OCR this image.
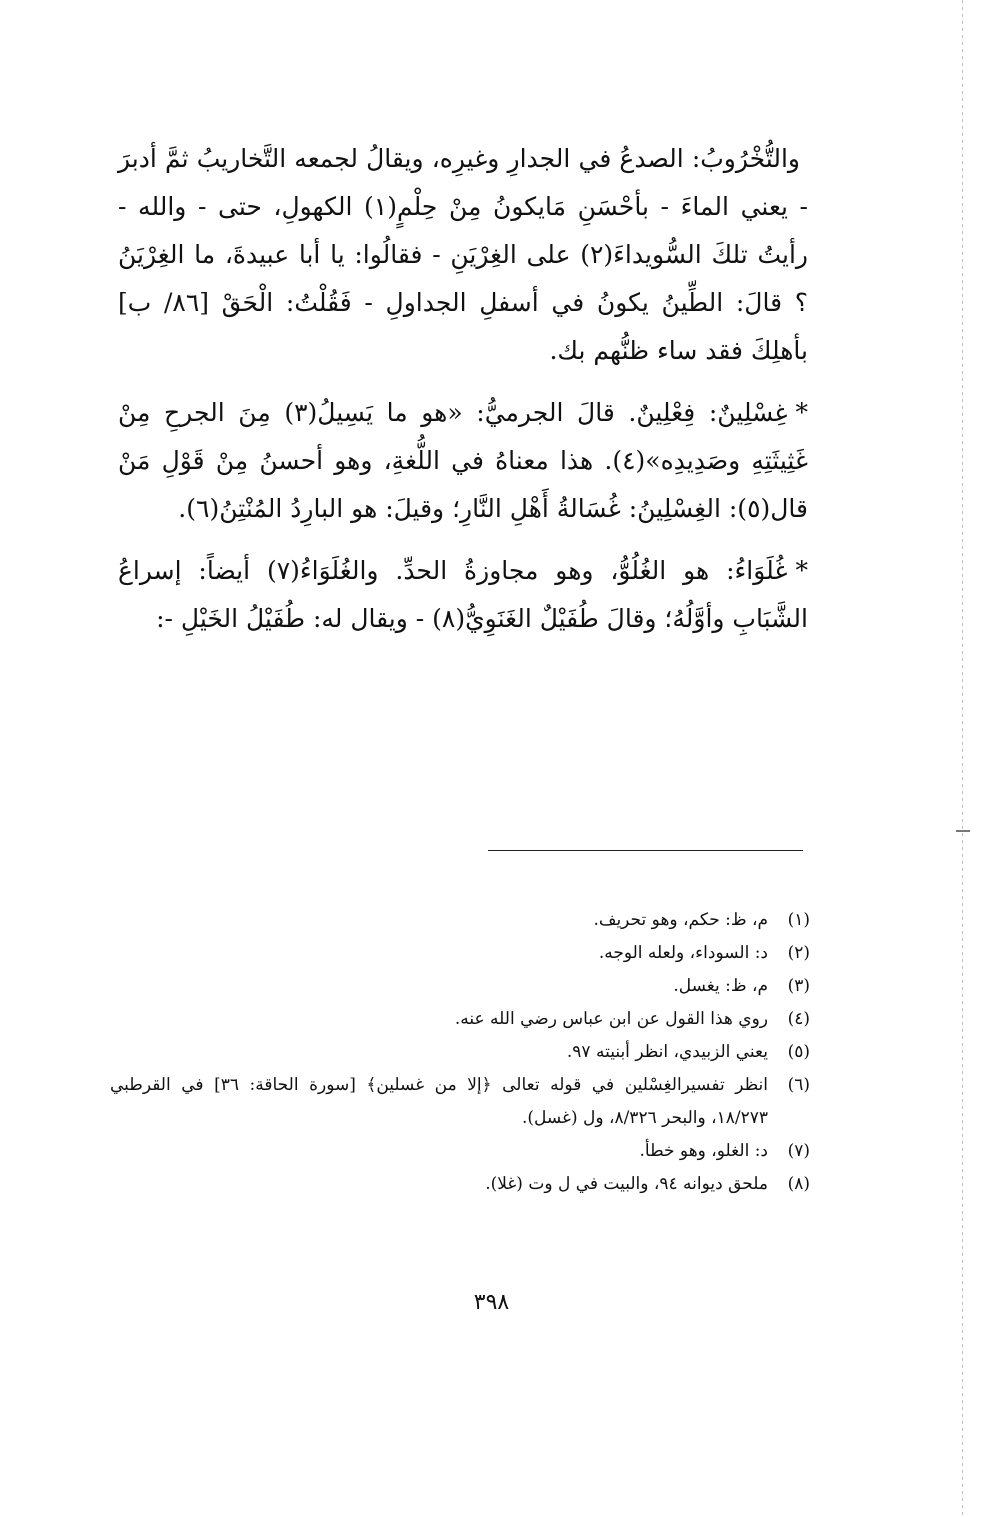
والتُّخْرُوبُ: الصدعُ في الجدارِ وغيرِه، ويقالُ لجمعه التَّخاريبُ ثمَّ أدبرَ - يعني الماءَ - بأحْسَنِ مَايكونُ مِنْ حِلْمٍ(١) الكهولِ، حتى - والله - رأيتُ تلكَ السُّويداءَ(٢) على الغِرْيَنِ - فقالُوا: يا أبا عبيدةَ، ما الغِرْيَنُ ؟ قالَ: الطِّينُ يكونُ في أسفلِ الجداولِ - فَقُلْتُ: الْحَقْ [٨٦/ ب] بأهلِكَ فقد ساء ظنُّهم بك.

*غِسْلِينٌ: فِعْلِينٌ. قالَ الجرميُّ: «هو ما يَسِيلُ(٣) مِنَ الجرحِ مِنْ غَثِيثَتِهِ وصَدِيدِه»(٤). هذا معناهُ في اللُّغةِ، وهو أحسنُ مِنْ قَوْلِ مَنْ قال(٥): الغِسْلِينُ: غُسَالةُ أَهْلِ النَّارِ؛ وقيلَ: هو البارِدُ المُنْتِنُ(٦).

*غُلَوَاءُ: هو الغُلُوُّ، وهو مجاوزةُ الحدِّ. والغُلَوَاءُ(٧) أيضاً: إسراعُ الشَّبَابِ وأوَّلُهُ؛ وقالَ طُفَيْلٌ الغَنَوِيُّ(٨) - ويقال له: طُفَيْلُ الخَيْلِ -:

(١)
م، ظ: حكم، وهو تحريف.
(٢)
د: السوداء، ولعله الوجه.
(٣)
م، ظ: يغسل.
(٤)
روي هذا القول عن ابن عباس رضي الله عنه.
(٥)
يعني الزبيدي، انظر أبنيته ٩٧.
(٦)
انظر تفسيرالغِسْلين في قوله تعالى ﴿إلا من غسلين﴾ [سورة الحاقة: ٣٦] في القرطبي ١٨/٢٧٣، والبحر ٨/٣٢٦، ول (غسل).
(٧)
د: الغلو، وهو خطأ.
(٨)
ملحق ديوانه ٩٤، والبيت في ل وت (غلا).
٣٩٨
